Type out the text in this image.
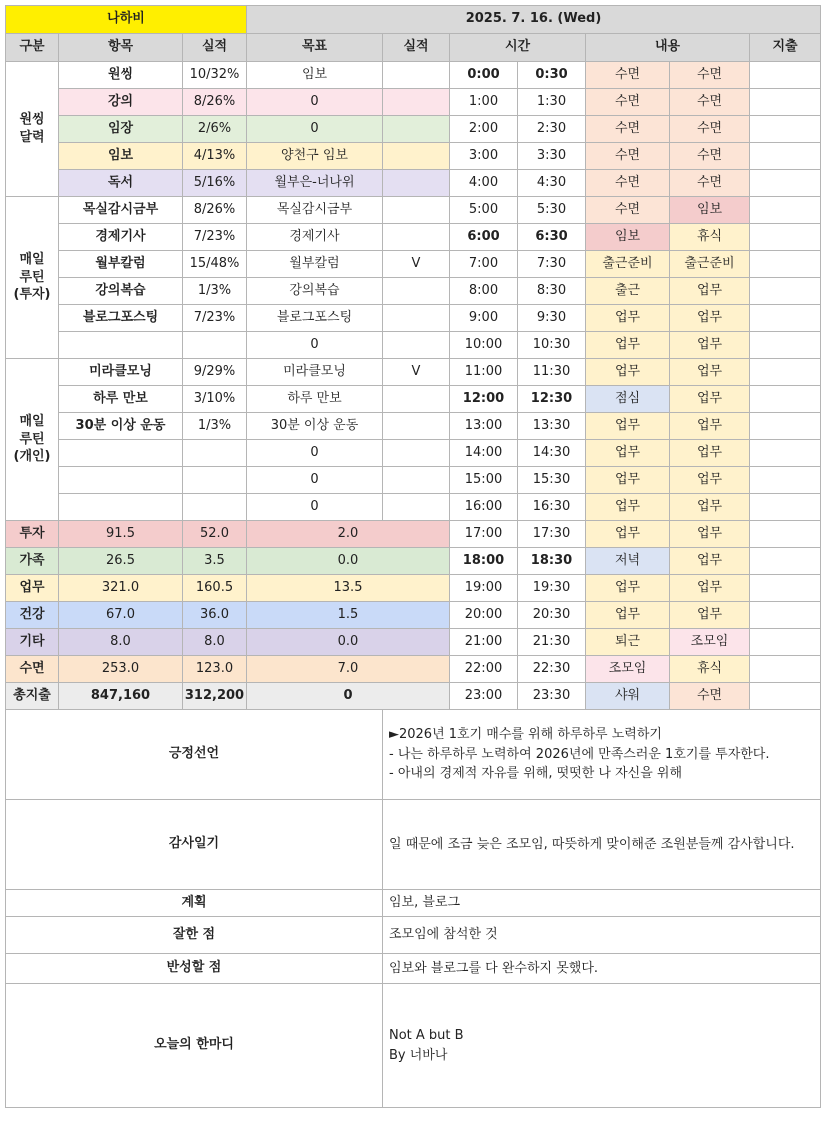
나하비			2025. 7. 16. (Wed)						
구분	항목	실적	목표	실적	시간		내용		지출
원씽
달력	원씽	10/32%	임보		0:00	0:30	수면	수면	
	강의	8/26%	0		1:00	1:30	수면	수면	
	임장	2/6%	0		2:00	2:30	수면	수면	
	임보	4/13%	양천구 임보		3:00	3:30	수면	수면	
	독서	5/16%	월부은-너나위		4:00	4:30	수면	수면	
매일
루틴
(투자)	목실감시금부	8/26%	목실감시금부		5:00	5:30	수면	임보	
	경제기사	7/23%	경제기사		6:00	6:30	임보	휴식	
	월부칼럼	15/48%	월부칼럼	V	7:00	7:30	출근준비	출근준비	
	강의복습	1/3%	강의복습		8:00	8:30	출근	업무	
	블로그포스팅	7/23%	블로그포스팅		9:00	9:30	업무	업무	
			0		10:00	10:30	업무	업무	
매일
루틴
(개인)	미라클모닝	9/29%	미라클모닝	V	11:00	11:30	업무	업무	
	하루 만보	3/10%	하루 만보		12:00	12:30	점심	업무	
	30분 이상 운동	1/3%	30분 이상 운동		13:00	13:30	업무	업무	
			0		14:00	14:30	업무	업무	
			0		15:00	15:30	업무	업무	
			0		16:00	16:30	업무	업무	
투자	91.5	52.0	2.0		17:00	17:30	업무	업무	
가족	26.5	3.5	0.0		18:00	18:30	저녁	업무	
업무	321.0	160.5	13.5		19:00	19:30	업무	업무	
건강	67.0	36.0	1.5		20:00	20:30	업무	업무	
기타	8.0	8.0	0.0		21:00	21:30	퇴근	조모임	
수면	253.0	123.0	7.0		22:00	22:30	조모임	휴식	
총지출	847,160	312,200	0		23:00	23:30	샤워	수면	
긍정선언				►2026년 1호기 매수를 위해 하루하루 노력하기
- 나는 하루하루 노력하여 2026년에 만족스러운 1호기를 투자한다.
- 아내의 경제적 자유를 위해, 떳떳한 나 자신을 위해					

감사일기				일 때문에 조금 늦은 조모임, 따뜻하게 맞이해준 조원분들께 감사합니다.					

계획				임보, 블로그					

잘한 점				조모임에 참석한 것					

반성할 점				임보와 블로그를 다 완수하지 못했다.					

오늘의 한마디				Not A but B
By 너바나					
